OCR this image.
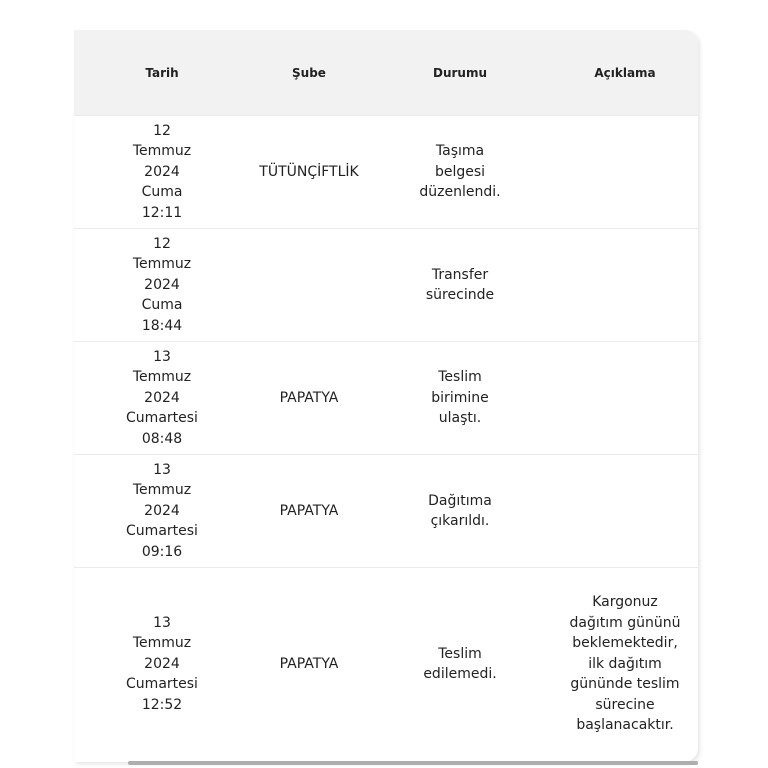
Tarih	Şube	Durumu	Açıklama

12
Temmuz
2024
Cuma
12:11	TÜTÜNÇİFTLİK	Taşıma belgesi düzenlendi.	

12
Temmuz
2024
Cuma
18:44		Transfer sürecinde	

13
Temmuz
2024
Cumartesi
08:48	PAPATYA	Teslim birimine ulaştı.	

13
Temmuz
2024
Cumartesi
09:16	PAPATYA	Dağıtıma çıkarıldı.	

13
Temmuz
2024
Cumartesi
12:52	PAPATYA	Teslim edilemedi.	Kargonuz dağıtım gününü beklemektedir, ilk dağıtım gününde teslim sürecine başlanacaktır.
